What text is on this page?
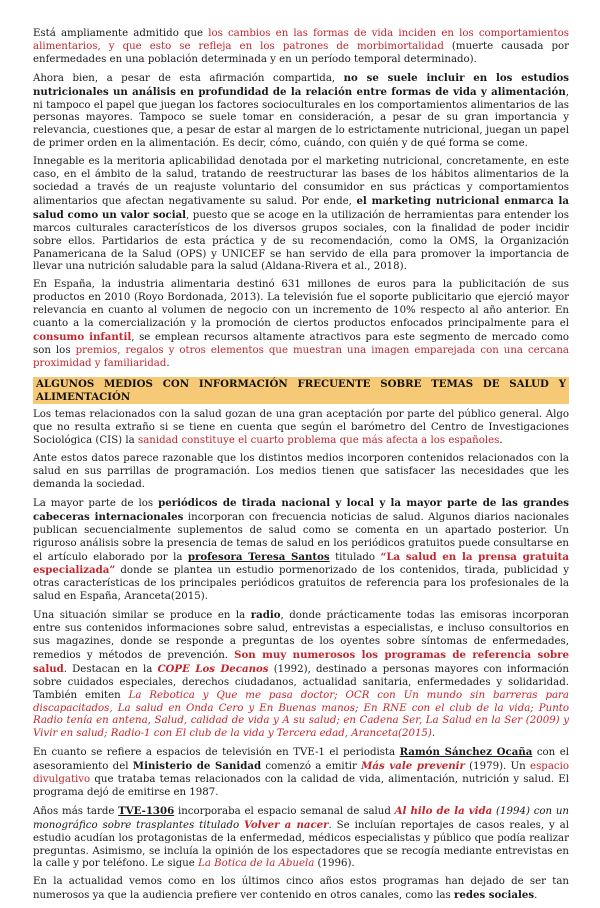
Está ampliamente admitido que los cambios en las formas de vida inciden en los comportamientos alimentarios, y que esto se refleja en los patrones de morbimortalidad (muerte causada por enfermedades en una población determinada y en un período temporal determinado).

Ahora bien, a pesar de esta afirmación compartida, no se suele incluir en los estudios nutricionales un análisis en profundidad de la relación entre formas de vida y alimentación, ni tampoco el papel que juegan los factores socioculturales en los comportamientos alimentarios de las personas mayores. Tampoco se suele tomar en consideración, a pesar de su gran importancia y relevancia, cuestiones que, a pesar de estar al margen de lo estrictamente nutricional, juegan un papel de primer orden en la alimentación. Es decir, cómo, cuándo, con quién y de qué forma se come.

Innegable es la meritoria aplicabilidad denotada por el marketing nutricional, concretamente, en este caso, en el ámbito de la salud, tratando de reestructurar las bases de los hábitos alimentarios de la sociedad a través de un reajuste voluntario del consumidor en sus prácticas y comportamientos alimentarios que afectan negativamente su salud. Por ende, el marketing nutricional enmarca la salud como un valor social, puesto que se acoge en la utilización de herramientas para entender los marcos culturales característicos de los diversos grupos sociales, con la finalidad de poder incidir sobre ellos. Partidarios de esta práctica y de su recomendación, como la OMS, la Organización Panamericana de la Salud (OPS) y UNICEF se han servido de ella para promover la importancia de llevar una nutrición saludable para la salud (Aldana-Rivera et al., 2018).

En España, la industria alimentaria destinó 631 millones de euros para la publicitación de sus productos en 2010 (Royo Bordonada, 2013). La televisión fue el soporte publicitario que ejerció mayor relevancia en cuanto al volumen de negocio con un incremento de 10% respecto al año anterior. En cuanto a la comercialización y la promoción de ciertos productos enfocados principalmente para el consumo infantil, se emplean recursos altamente atractivos para este segmento de mercado como son los premios, regalos y otros elementos que muestran una imagen emparejada con una cercana proximidad y familiaridad.

ALGUNOS MEDIOS CON INFORMACIÓN FRECUENTE SOBRE TEMAS DE SALUD Y ALIMENTACIÓN

Los temas relacionados con la salud gozan de una gran aceptación por parte del público general. Algo que no resulta extraño si se tiene en cuenta que según el barómetro del Centro de Investigaciones Sociológica (CIS) la sanidad constituye el cuarto problema que más afecta a los españoles.

Ante estos datos parece razonable que los distintos medios incorporen contenidos relacionados con la salud en sus parrillas de programación. Los medios tienen que satisfacer las necesidades que les demanda la sociedad.

La mayor parte de los periódicos de tirada nacional y local y la mayor parte de las grandes cabeceras internacionales incorporan con frecuencia noticias de salud. Algunos diarios nacionales publican secuencialmente suplementos de salud como se comenta en un apartado posterior. Un riguroso análisis sobre la presencia de temas de salud en los periódicos gratuitos puede consultarse en el artículo elaborado por la profesora Teresa Santos titulado “La salud en la prensa gratuita especializada” donde se plantea un estudio pormenorizado de los contenidos, tirada, publicidad y otras características de los principales periódicos gratuitos de referencia para los profesionales de la salud en España, Aranceta(2015).

Una situación similar se produce en la radio, donde prácticamente todas las emisoras incorporan entre sus contenidos informaciones sobre salud, entrevistas a especialistas, e incluso consultorios en sus magazines, donde se responde a preguntas de los oyentes sobre síntomas de enfermedades, remedios y métodos de prevención. Son muy numerosos los programas de referencia sobre salud. Destacan en la COPE Los Decanos (1992), destinado a personas mayores con información sobre cuidados especiales, derechos ciudadanos, actualidad sanitaria, enfermedades y solidaridad. También emiten La Rebotica y Que me pasa doctor; OCR con Un mundo sin barreras para discapacitados, La salud en Onda Cero y En Buenas manos; En RNE con el club de la vida; Punto Radio tenía en antena, Salud, calidad de vida y A su salud; en Cadena Ser, La Salud en la Ser (2009) y Vivir en salud; Radio-1 con El club de la vida y Tercera edad, Aranceta(2015).

En cuanto se refiere a espacios de televisión en TVE-1 el periodista Ramón Sánchez Ocaña con el asesoramiento del Ministerio de Sanidad comenzó a emitir Más vale prevenir (1979). Un espacio divulgativo que trataba temas relacionados con la calidad de vida, alimentación, nutrición y salud. El programa dejó de emitirse en 1987.

Años más tarde TVE-1306 incorporaba el espacio semanal de salud Al hilo de la vida (1994) con un monográfico sobre trasplantes titulado Volver a nacer. Se incluían reportajes de casos reales, y al estudio acudían los protagonistas de la enfermedad, médicos especialistas y público que podía realizar preguntas. Asimismo, se incluía la opinión de los espectadores que se recogía mediante entrevistas en la calle y por teléfono. Le sigue La Botica de la Abuela (1996).

En la actualidad vemos como en los últimos cinco años estos programas han dejado de ser tan numerosos ya que la audiencia prefiere ver contenido en otros canales, como las redes sociales.
